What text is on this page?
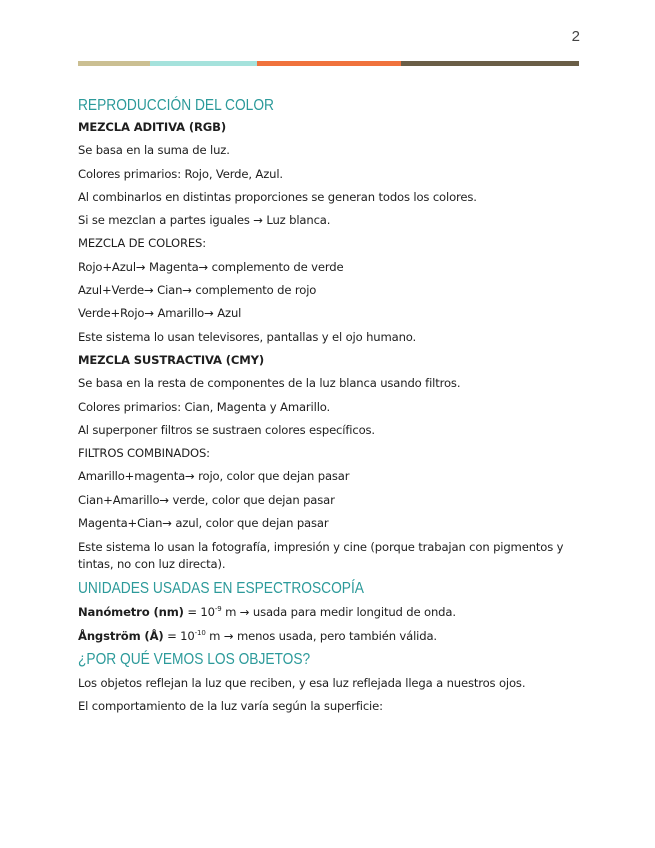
2
REPRODUCCIÓN DEL COLOR

MEZCLA ADITIVA (RGB)

Se basa en la suma de luz.

Colores primarios: Rojo, Verde, Azul.

Al combinarlos en distintas proporciones se generan todos los colores.

Si se mezclan a partes iguales → Luz blanca.

MEZCLA DE COLORES:

Rojo+Azul→ Magenta→ complemento de verde

Azul+Verde→ Cian→ complemento de rojo

Verde+Rojo→ Amarillo→ Azul

Este sistema lo usan televisores, pantallas y el ojo humano.

MEZCLA SUSTRACTIVA (CMY)

Se basa en la resta de componentes de la luz blanca usando filtros.

Colores primarios: Cian, Magenta y Amarillo.

Al superponer filtros se sustraen colores específicos.

FILTROS COMBINADOS:

Amarillo+magenta→ rojo, color que dejan pasar

Cian+Amarillo→ verde, color que dejan pasar

Magenta+Cian→ azul, color que dejan pasar

Este sistema lo usan la fotografía, impresión y cine (porque trabajan con pigmentos y tintas, no con luz directa).

UNIDADES USADAS EN ESPECTROSCOPÍA

Nanómetro $(nm) = 10^{-9}$ m → usada para medir longitud de onda.

Ångström (Å) = $10^{-10}$ m → menos usada, pero también válida.

¿POR QUÉ VEMOS LOS OBJETOS?

Los objetos reflejan la luz que reciben, y esa luz reflejada llega a nuestros ojos.

El comportamiento de la luz varía según la superficie:
